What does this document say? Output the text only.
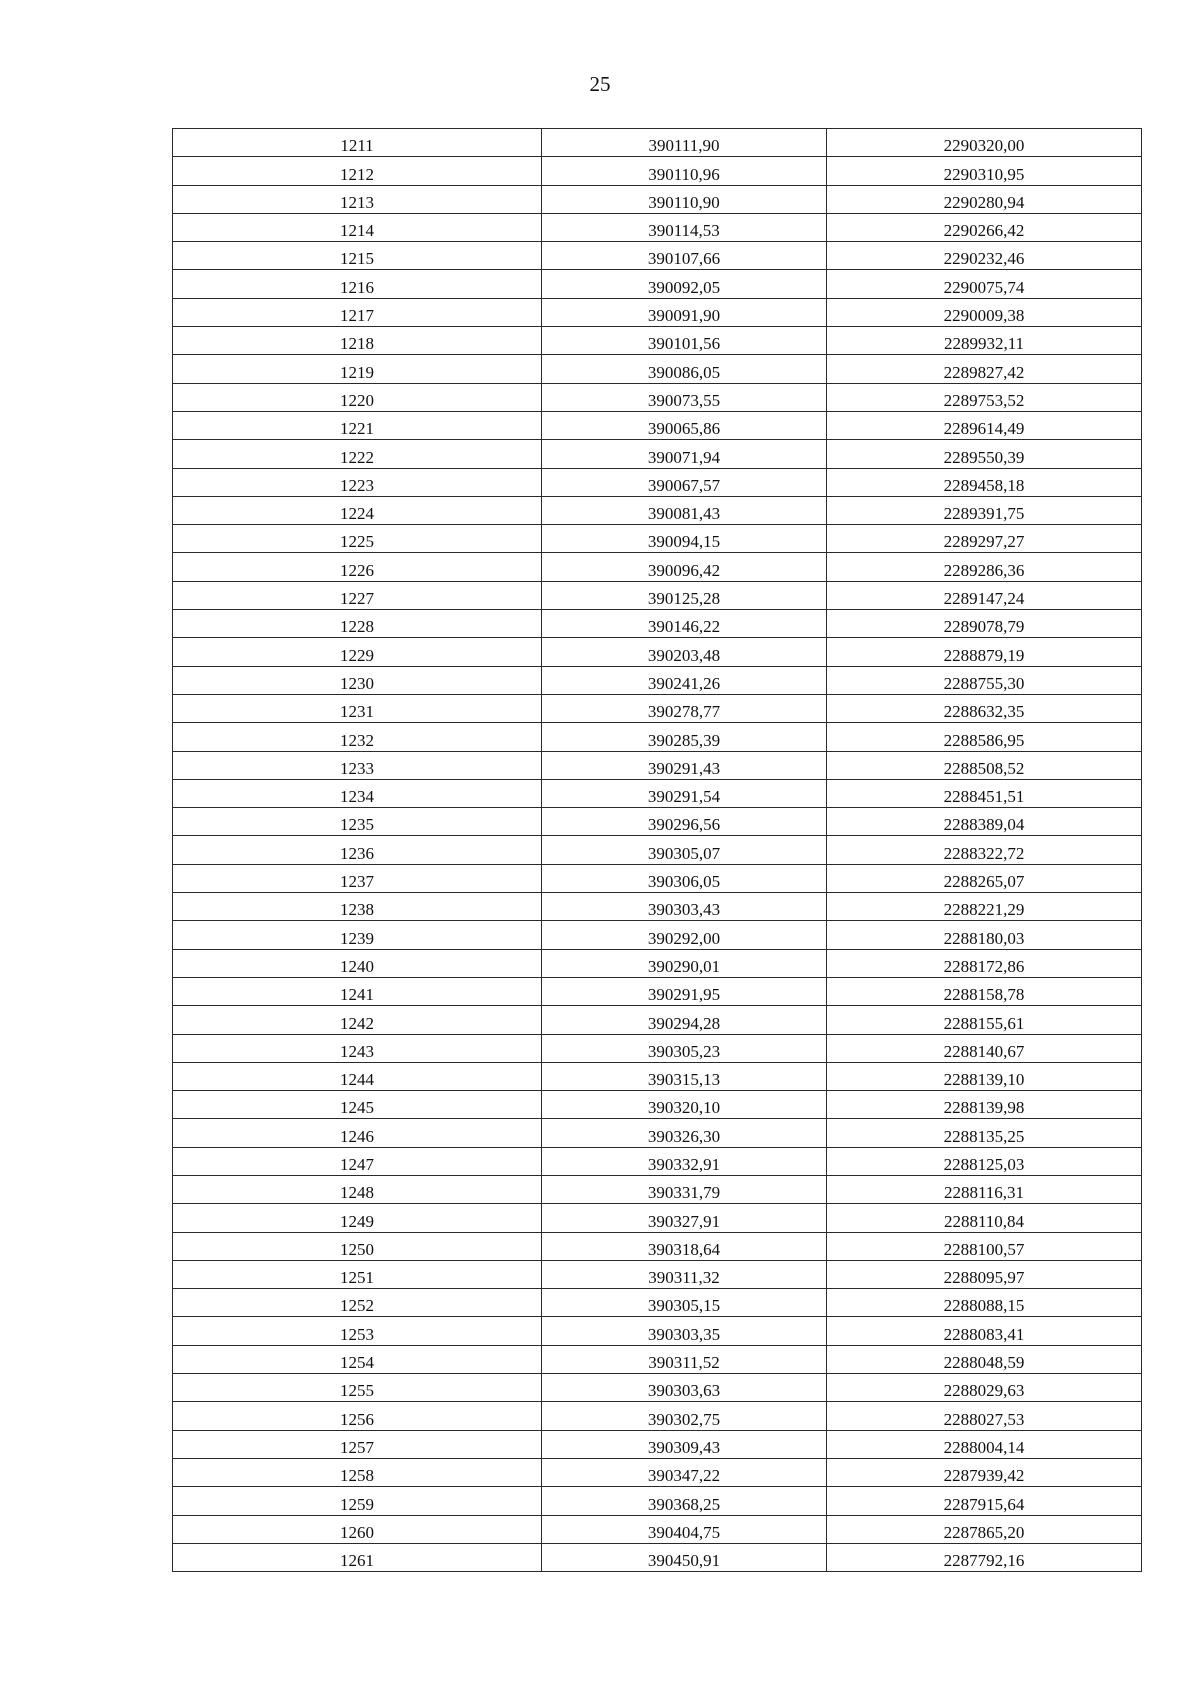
25
1211	390111,90	2290320,00
1212	390110,96	2290310,95
1213	390110,90	2290280,94
1214	390114,53	2290266,42
1215	390107,66	2290232,46
1216	390092,05	2290075,74
1217	390091,90	2290009,38
1218	390101,56	2289932,11
1219	390086,05	2289827,42
1220	390073,55	2289753,52
1221	390065,86	2289614,49
1222	390071,94	2289550,39
1223	390067,57	2289458,18
1224	390081,43	2289391,75
1225	390094,15	2289297,27
1226	390096,42	2289286,36
1227	390125,28	2289147,24
1228	390146,22	2289078,79
1229	390203,48	2288879,19
1230	390241,26	2288755,30
1231	390278,77	2288632,35
1232	390285,39	2288586,95
1233	390291,43	2288508,52
1234	390291,54	2288451,51
1235	390296,56	2288389,04
1236	390305,07	2288322,72
1237	390306,05	2288265,07
1238	390303,43	2288221,29
1239	390292,00	2288180,03
1240	390290,01	2288172,86
1241	390291,95	2288158,78
1242	390294,28	2288155,61
1243	390305,23	2288140,67
1244	390315,13	2288139,10
1245	390320,10	2288139,98
1246	390326,30	2288135,25
1247	390332,91	2288125,03
1248	390331,79	2288116,31
1249	390327,91	2288110,84
1250	390318,64	2288100,57
1251	390311,32	2288095,97
1252	390305,15	2288088,15
1253	390303,35	2288083,41
1254	390311,52	2288048,59
1255	390303,63	2288029,63
1256	390302,75	2288027,53
1257	390309,43	2288004,14
1258	390347,22	2287939,42
1259	390368,25	2287915,64
1260	390404,75	2287865,20
1261	390450,91	2287792,16
